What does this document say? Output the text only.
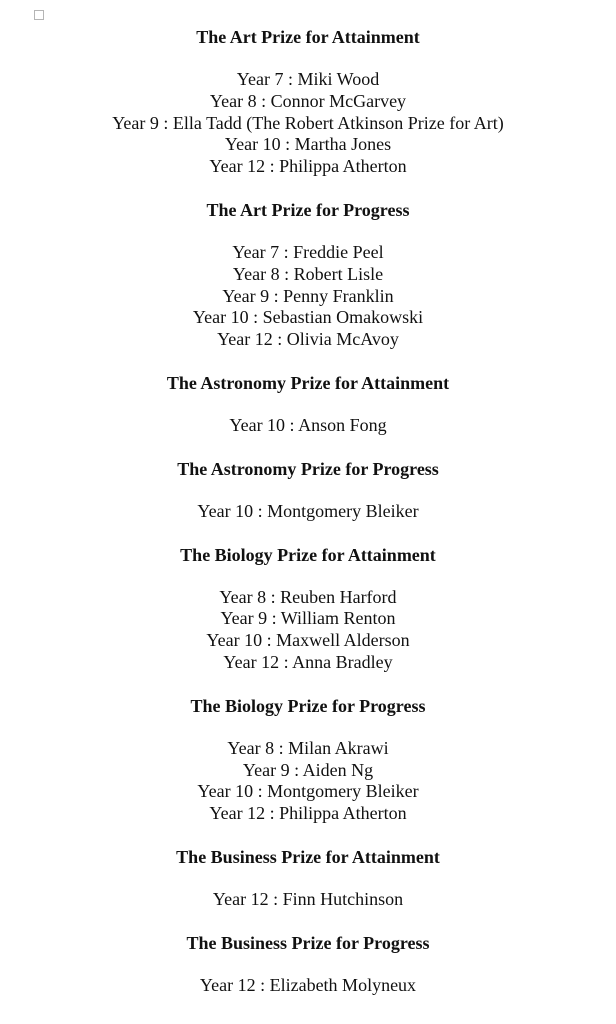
The Art Prize for Attainment
Year 7 : Miki Wood
Year 8 : Connor McGarvey
Year 9 : Ella Tadd (The Robert Atkinson Prize for Art)
Year 10 : Martha Jones
Year 12 : Philippa Atherton
The Art Prize for Progress
Year 7 : Freddie Peel
Year 8 : Robert Lisle
Year 9 : Penny Franklin
Year 10 : Sebastian Omakowski
Year 12 : Olivia McAvoy
The Astronomy Prize for Attainment
Year 10 : Anson Fong
The Astronomy Prize for Progress
Year 10 : Montgomery Bleiker
The Biology Prize for Attainment
Year 8 : Reuben Harford
Year 9 : William Renton
Year 10 : Maxwell Alderson
Year 12 : Anna Bradley
The Biology Prize for Progress
Year 8 : Milan Akrawi
Year 9 : Aiden Ng
Year 10 : Montgomery Bleiker
Year 12 : Philippa Atherton
The Business Prize for Attainment
Year 12 : Finn Hutchinson
The Business Prize for Progress
Year 12 : Elizabeth Molyneux
